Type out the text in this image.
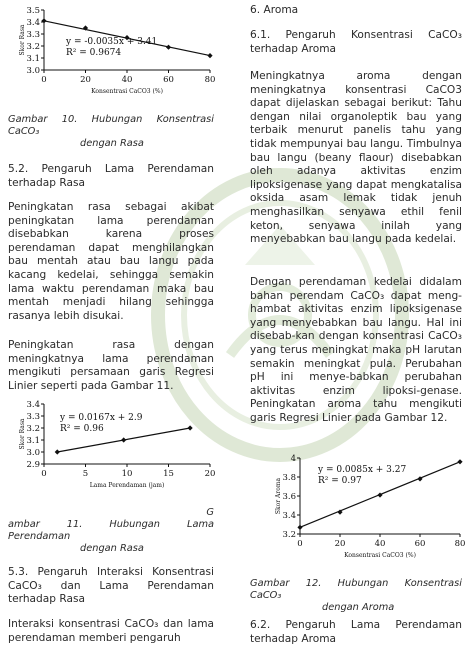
3.5
3.4
3.3
3.2
3.1
3.0
0	20	40	60	80
Skor Rasa
Konsentrasi CaCO3 (%)
y = -0.0035x + 3.41
R² = 0.9674
Gambar 10. Hubungan Konsentrasi
CaCO₃
dengan Rasa
5.2. Pengaruh Lama Perendaman terhadap Rasa
Peningkatan rasa sebagai akibat peningkatan lama perendaman disebabkan karena proses perendaman dapat menghilangkan bau mentah atau bau langu pada kacang kedelai, sehingga semakin lama waktu perendaman maka bau mentah menjadi hilang sehingga rasanya lebih disukai.
Peningkatan rasa dengan meningkatnya lama perendaman mengikuti persamaan garis Regresi Linier seperti pada Gambar 11.
3.4
3.3
3.2
3.1
3.0
2.9
0	5	10	15	20
Skor Rasa
Lama Perendaman (jam)
y = 0.0167x + 2.9
R² = 0.96
G
ambar 11. Hubungan Lama
Perendaman
dengan Rasa
5.3. Pengaruh Interaksi Konsentrasi CaCO₃ dan Lama Perendaman terhadap Rasa
Interaksi konsentrasi CaCO₃ dan lama perendaman memberi pengaruh
6. Aroma
6.1. Pengaruh Konsentrasi CaCO₃ terhadap Aroma
Meningkatnya aroma dengan meningkatnya konsentrasi CaCO3 dapat dijelaskan sebagai berikut: Tahu dengan nilai organoleptik bau yang terbaik menurut panelis tahu yang tidak mempunyai bau langu. Timbulnya bau langu (beany flaour) disebabkan oleh adanya aktivitas enzim lipoksigenase yang dapat mengkatalisa oksida asam lemak tidak jenuh menghasilkan senyawa ethil fenil keton, senyawa inilah yang menyebabkan bau langu pada kedelai.
Dengan perendaman kedelai didalam bahan perendam CaCO₃ dapat meng-hambat aktivitas enzim lipoksigenase yang menyebabkan bau langu. Hal ini disebab-kan dengan konsentrasi CaCO₃ yang terus meningkat maka pH larutan semakin meningkat pula. Perubahan pH ini menye-babkan perubahan aktivitas enzim lipoksi-genase. Peningkatan aroma tahu mengikuti garis Regresi Linier pada Gambar 12.
4
3.8
3.6
3.4
3.2
0	20	40	60	80
Skor Aroma
Konsentrasi CaCO3 (%)
y = 0.0085x + 3.27
R² = 0.97
Gambar 12. Hubungan Konsentrasi
CaCO₃
dengan Aroma
6.2. Pengaruh Lama Perendaman terhadap Aroma
